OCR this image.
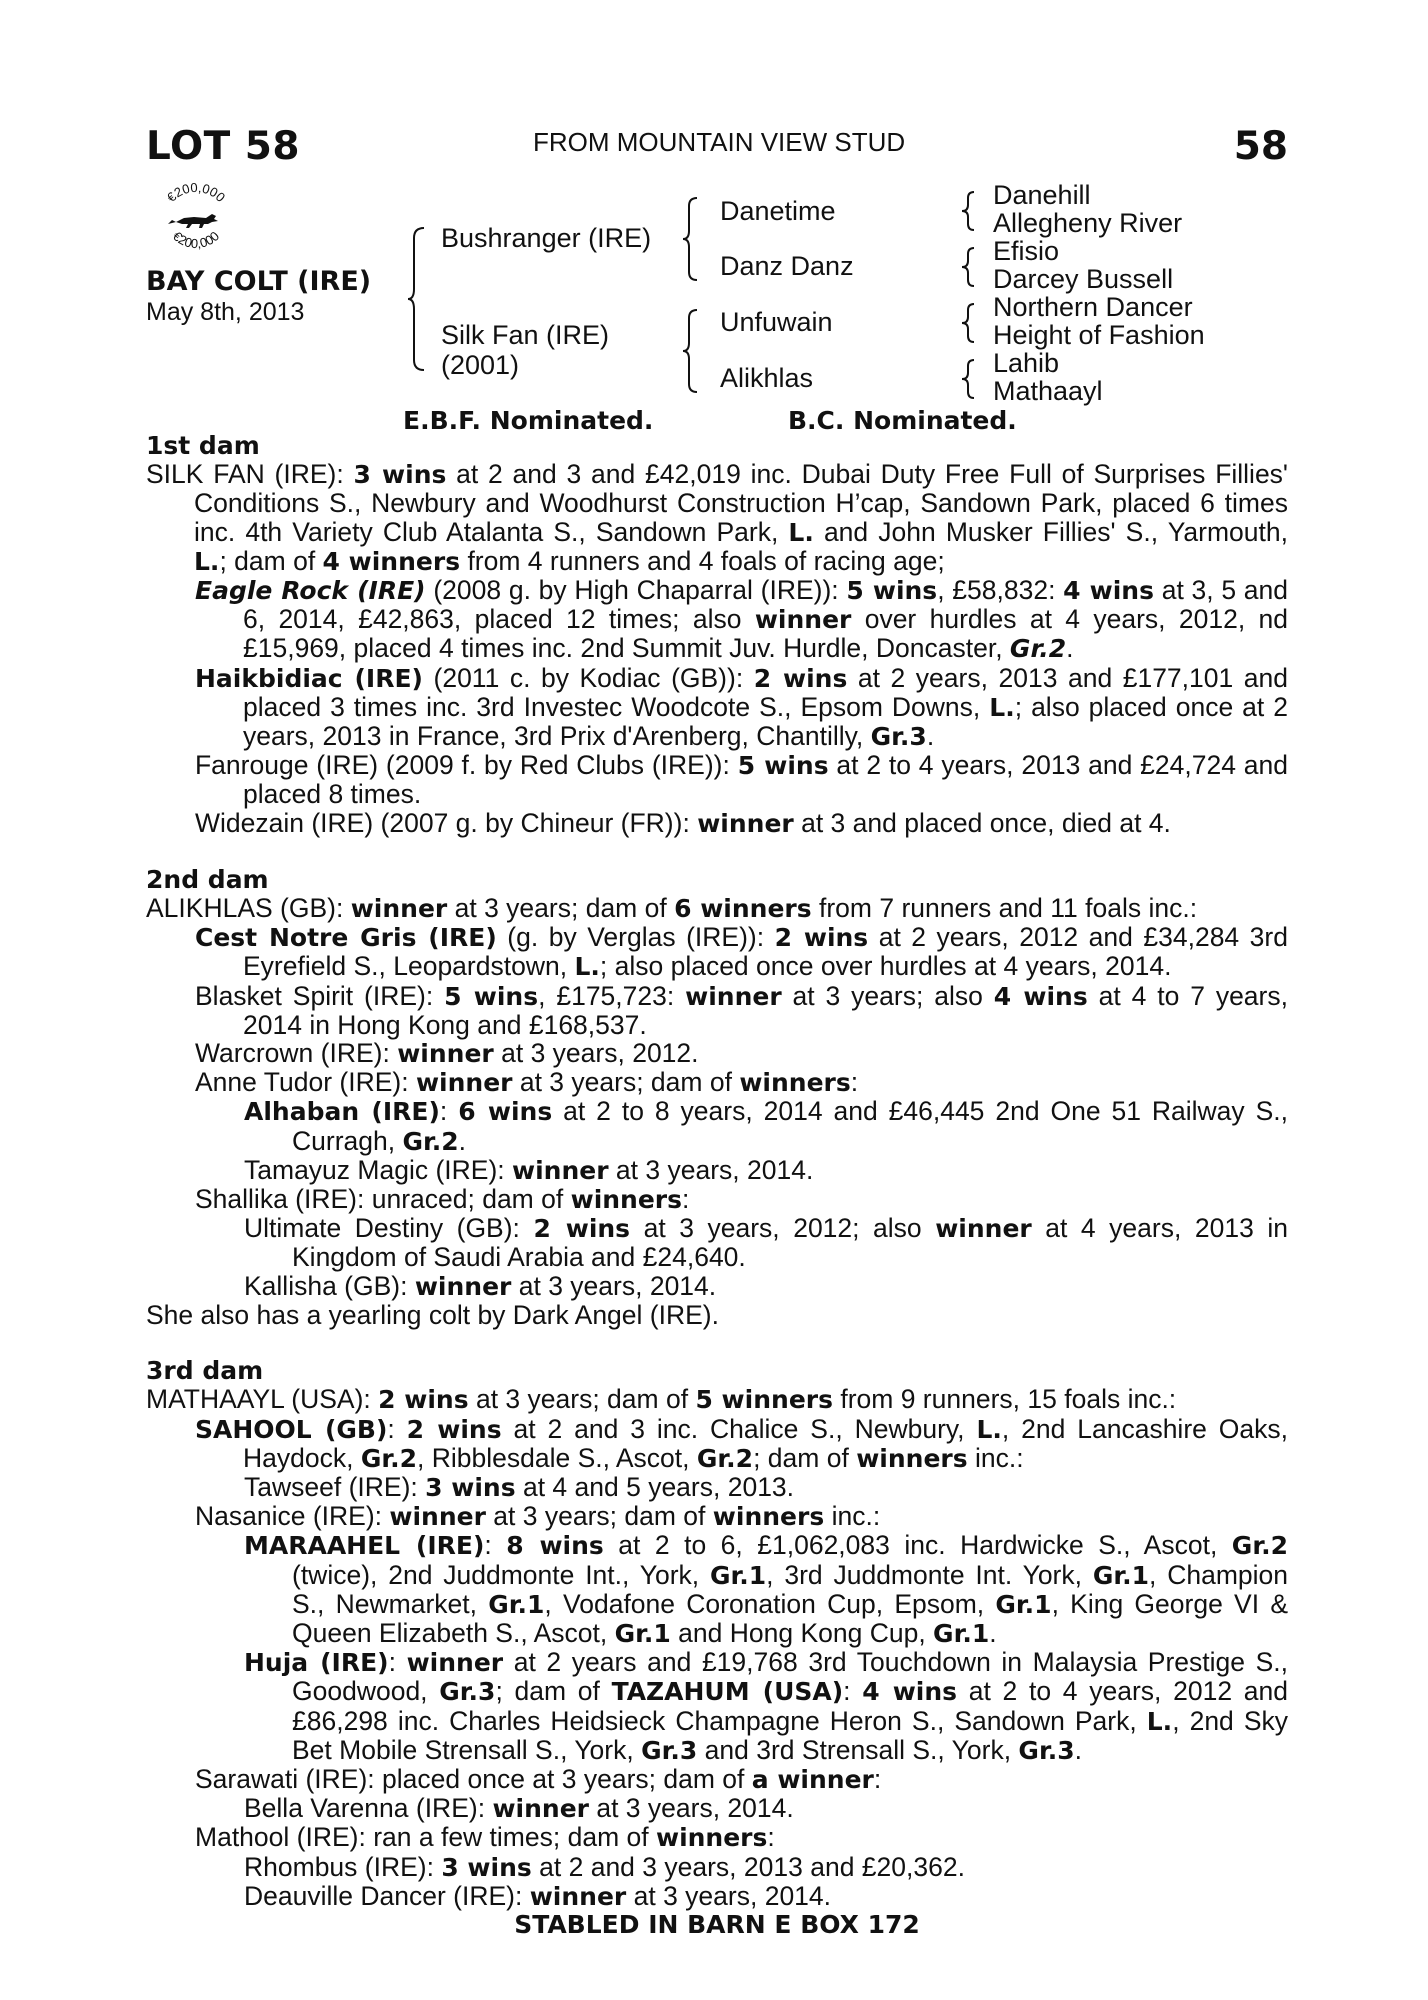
LOT 58	FROM MOUNTAIN VIEW STUD	58
€200,000
€200,000
BAY COLT (IRE)
May 8th, 2013
Bushranger (IRE)
Silk Fan (IRE)
(2001)
Danetime
Danz Danz
Unfuwain
Alikhlas
Danehill
Allegheny River
Efisio
Darcey Bussell
Northern Dancer
Height of Fashion
Lahib
Mathaayl
E.B.F. Nominated.	B.C. Nominated.
1st dam
SILK FAN (IRE): 3 wins at 2 and 3 and £42,019 inc. Dubai Duty Free Full of Surprises Fillies' Conditions S., Newbury and Woodhurst Construction H’cap, Sandown Park, placed 6 times inc. 4th Variety Club Atalanta S., Sandown Park, L. and John Musker Fillies' S., Yarmouth, L.; dam of 4 winners from 4 runners and 4 foals of racing age;
Eagle Rock (IRE) (2008 g. by High Chaparral (IRE)): 5 wins, £58,832: 4 wins at 3, 5 and 6, 2014, £42,863, placed 12 times; also winner over hurdles at 4 years, 2012, nd £15,969, placed 4 times inc. 2nd Summit Juv. Hurdle, Doncaster, Gr.2.
Haikbidiac (IRE) (2011 c. by Kodiac (GB)): 2 wins at 2 years, 2013 and £177,101 and placed 3 times inc. 3rd Investec Woodcote S., Epsom Downs, L.; also placed once at 2 years, 2013 in France, 3rd Prix d'Arenberg, Chantilly, Gr.3.
Fanrouge (IRE) (2009 f. by Red Clubs (IRE)): 5 wins at 2 to 4 years, 2013 and £24,724 and placed 8 times.
Widezain (IRE) (2007 g. by Chineur (FR)): winner at 3 and placed once, died at 4.
2nd dam
ALIKHLAS (GB): winner at 3 years; dam of 6 winners from 7 runners and 11 foals inc.:
Cest Notre Gris (IRE) (g. by Verglas (IRE)): 2 wins at 2 years, 2012 and £34,284 3rd Eyrefield S., Leopardstown, L.; also placed once over hurdles at 4 years, 2014.
Blasket Spirit (IRE): 5 wins, £175,723: winner at 3 years; also 4 wins at 4 to 7 years, 2014 in Hong Kong and £168,537.
Warcrown (IRE): winner at 3 years, 2012.
Anne Tudor (IRE): winner at 3 years; dam of winners:
Alhaban (IRE): 6 wins at 2 to 8 years, 2014 and £46,445 2nd One 51 Railway S., Curragh, Gr.2.
Tamayuz Magic (IRE): winner at 3 years, 2014.
Shallika (IRE): unraced; dam of winners:
Ultimate Destiny (GB): 2 wins at 3 years, 2012; also winner at 4 years, 2013 in Kingdom of Saudi Arabia and £24,640.
Kallisha (GB): winner at 3 years, 2014.
She also has a yearling colt by Dark Angel (IRE).
3rd dam
MATHAAYL (USA): 2 wins at 3 years; dam of 5 winners from 9 runners, 15 foals inc.:
SAHOOL (GB): 2 wins at 2 and 3 inc. Chalice S., Newbury, L., 2nd Lancashire Oaks, Haydock, Gr.2, Ribblesdale S., Ascot, Gr.2; dam of winners inc.:
Tawseef (IRE): 3 wins at 4 and 5 years, 2013.
Nasanice (IRE): winner at 3 years; dam of winners inc.:
MARAAHEL (IRE): 8 wins at 2 to 6, £1,062,083 inc. Hardwicke S., Ascot, Gr.2 (twice), 2nd Juddmonte Int., York, Gr.1, 3rd Juddmonte Int. York, Gr.1, Champion S., Newmarket, Gr.1, Vodafone Coronation Cup, Epsom, Gr.1, King George VI & Queen Elizabeth S., Ascot, Gr.1 and Hong Kong Cup, Gr.1.
Huja (IRE): winner at 2 years and £19,768 3rd Touchdown in Malaysia Prestige S., Goodwood, Gr.3; dam of TAZAHUM (USA): 4 wins at 2 to 4 years, 2012 and £86,298 inc. Charles Heidsieck Champagne Heron S., Sandown Park, L., 2nd Sky Bet Mobile Strensall S., York, Gr.3 and 3rd Strensall S., York, Gr.3.
Sarawati (IRE): placed once at 3 years; dam of a winner:
Bella Varenna (IRE): winner at 3 years, 2014.
Mathool (IRE): ran a few times; dam of winners:
Rhombus (IRE): 3 wins at 2 and 3 years, 2013 and £20,362.
Deauville Dancer (IRE): winner at 3 years, 2014.
STABLED IN BARN E BOX 172
